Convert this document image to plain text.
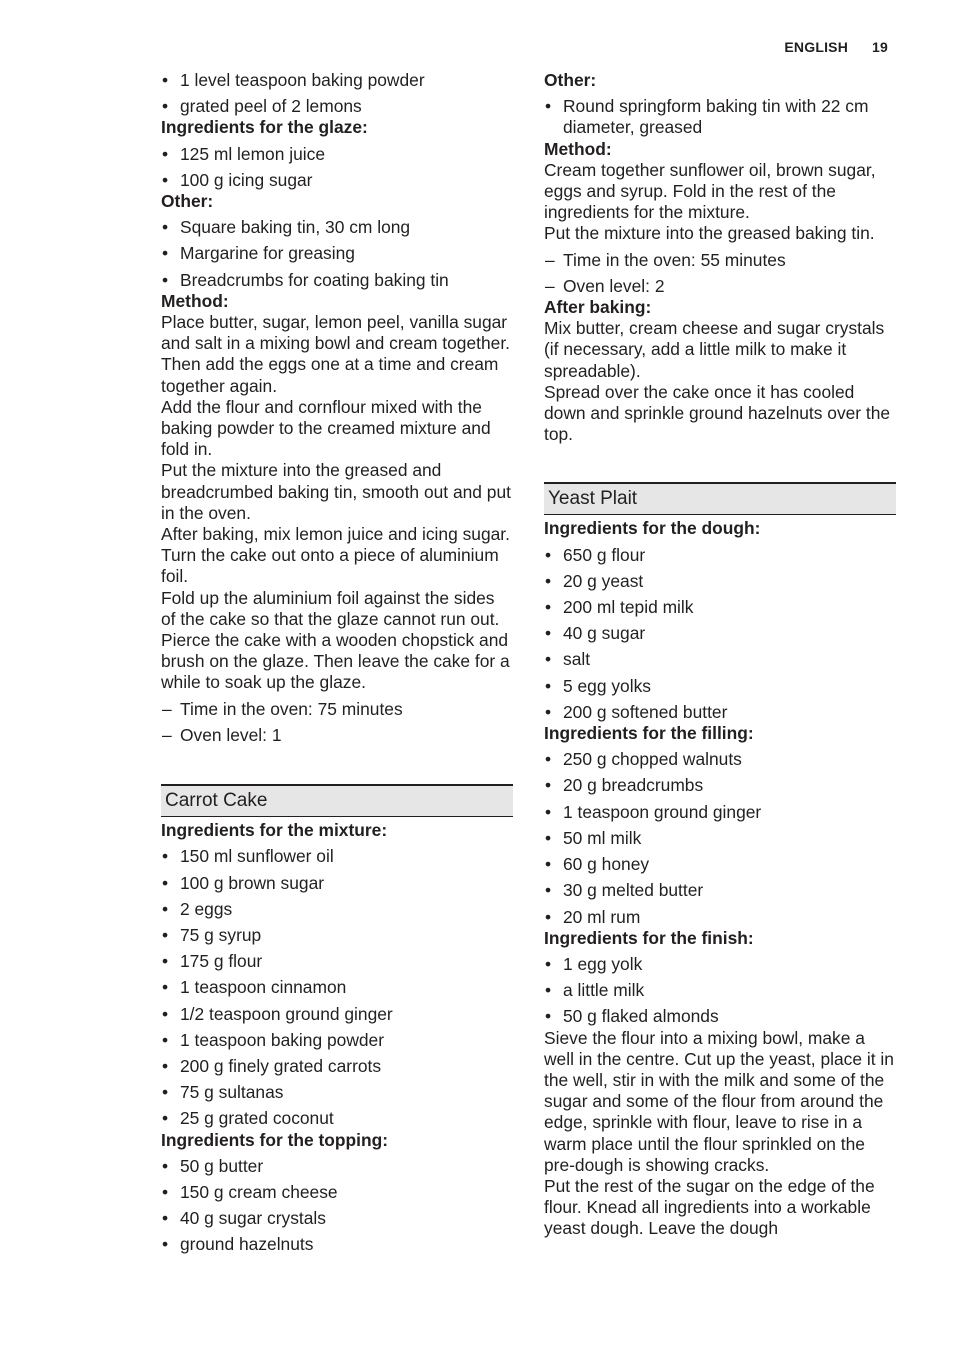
ENGLISH 19

• 1 level teaspoon baking powder

• grated peel of 2 lemons

Ingredients for the glaze:

• 125 ml lemon juice

• 100 g icing sugar

Other:

• Square baking tin, 30 cm long

• Margarine for greasing

• Breadcrumbs for coating baking tin

Method:

Place butter, sugar, lemon peel, vanilla sugar and salt in a mixing bowl and cream together. Then add the eggs one at a time and cream together again.

Add the flour and cornflour mixed with the baking powder to the creamed mixture and fold in.

Put the mixture into the greased and breadcrumbed baking tin, smooth out and put in the oven.

After baking, mix lemon juice and icing sugar. Turn the cake out onto a piece of aluminium foil.

Fold up the aluminium foil against the sides of the cake so that the glaze cannot run out. Pierce the cake with a wooden chopstick and brush on the glaze. Then leave the cake for a while to soak up the glaze.

– Time in the oven: 75 minutes

– Oven level: 1

Carrot Cake

Ingredients for the mixture:

• 150 ml sunflower oil

• 100 g brown sugar

• 2 eggs

• 75 g syrup

• 175 g flour

• 1 teaspoon cinnamon

• 1/2 teaspoon ground ginger

• 1 teaspoon baking powder

• 200 g finely grated carrots

• 75 g sultanas

• 25 g grated coconut

Ingredients for the topping:

• 50 g butter

• 150 g cream cheese

• 40 g sugar crystals

• ground hazelnuts

Other:

• Round springform baking tin with 22 cm diameter, greased

Method:

Cream together sunflower oil, brown sugar, eggs and syrup. Fold in the rest of the ingredients for the mixture.

Put the mixture into the greased baking tin.

– Time in the oven: 55 minutes

– Oven level: 2

After baking:

Mix butter, cream cheese and sugar crystals (if necessary, add a little milk to make it spreadable).

Spread over the cake once it has cooled down and sprinkle ground hazelnuts over the top.

Yeast Plait

Ingredients for the dough:

• 650 g flour

• 20 g yeast

• 200 ml tepid milk

• 40 g sugar

• salt

• 5 egg yolks

• 200 g softened butter

Ingredients for the filling:

• 250 g chopped walnuts

• 20 g breadcrumbs

• 1 teaspoon ground ginger

• 50 ml milk

• 60 g honey

• 30 g melted butter

• 20 ml rum

Ingredients for the finish:

• 1 egg yolk

• a little milk

• 50 g flaked almonds

Sieve the flour into a mixing bowl, make a well in the centre. Cut up the yeast, place it in the well, stir in with the milk and some of the sugar and some of the flour from around the edge, sprinkle with flour, leave to rise in a warm place until the flour sprinkled on the pre-dough is showing cracks.

Put the rest of the sugar on the edge of the flour. Knead all ingredients into a workable yeast dough. Leave the dough
